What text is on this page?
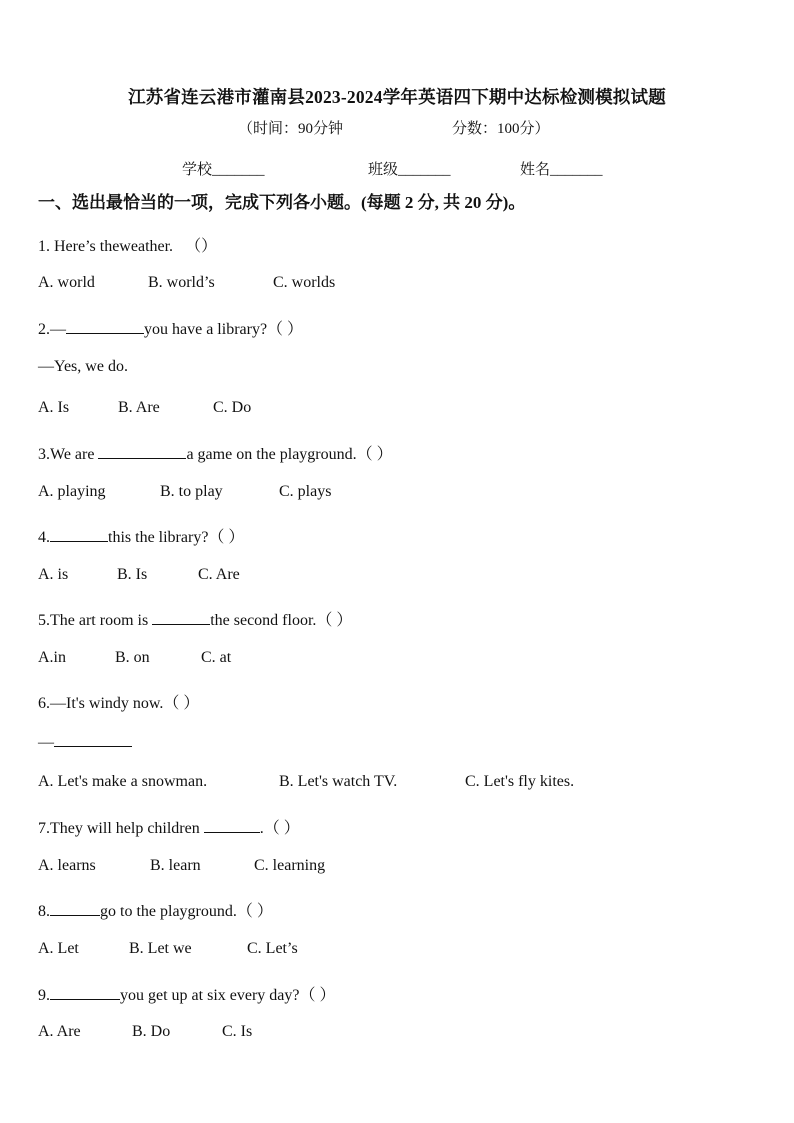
江苏省连云港市灌南县2023-2024学年英语四下期中达标检测模拟试题
（时间：90分钟	分数：100分）
学校_______	班级_______	姓名_______
一、选出最恰当的一项，完成下列各小题。(每题 2 分, 共 20 分)。
1. Here’s theweather. （）
A. world	B. world’s	C. worlds
2.—	you have a library?（ ）
—Yes, we do.
A. Is	B. Are	C. Do
3.We are	a game on the playground.（ ）
A. playing	B. to play	C. plays
4.	this the library?（ ）
A. is	B. Is	C. Are
5.The art room is	the second floor.（ ）
A.in	B. on	C. at
6.—It's windy now.（ ）
—
A. Let's make a snowman.	B. Let's watch TV.	C. Let's fly kites.
7.They will help children	.（ ）
A. learns	B. learn	C. learning
8.	go to the playground.（ ）
A. Let	B. Let we	C. Let’s
9.	you get up at six every day?（ ）
A. Are	B. Do	C. Is
